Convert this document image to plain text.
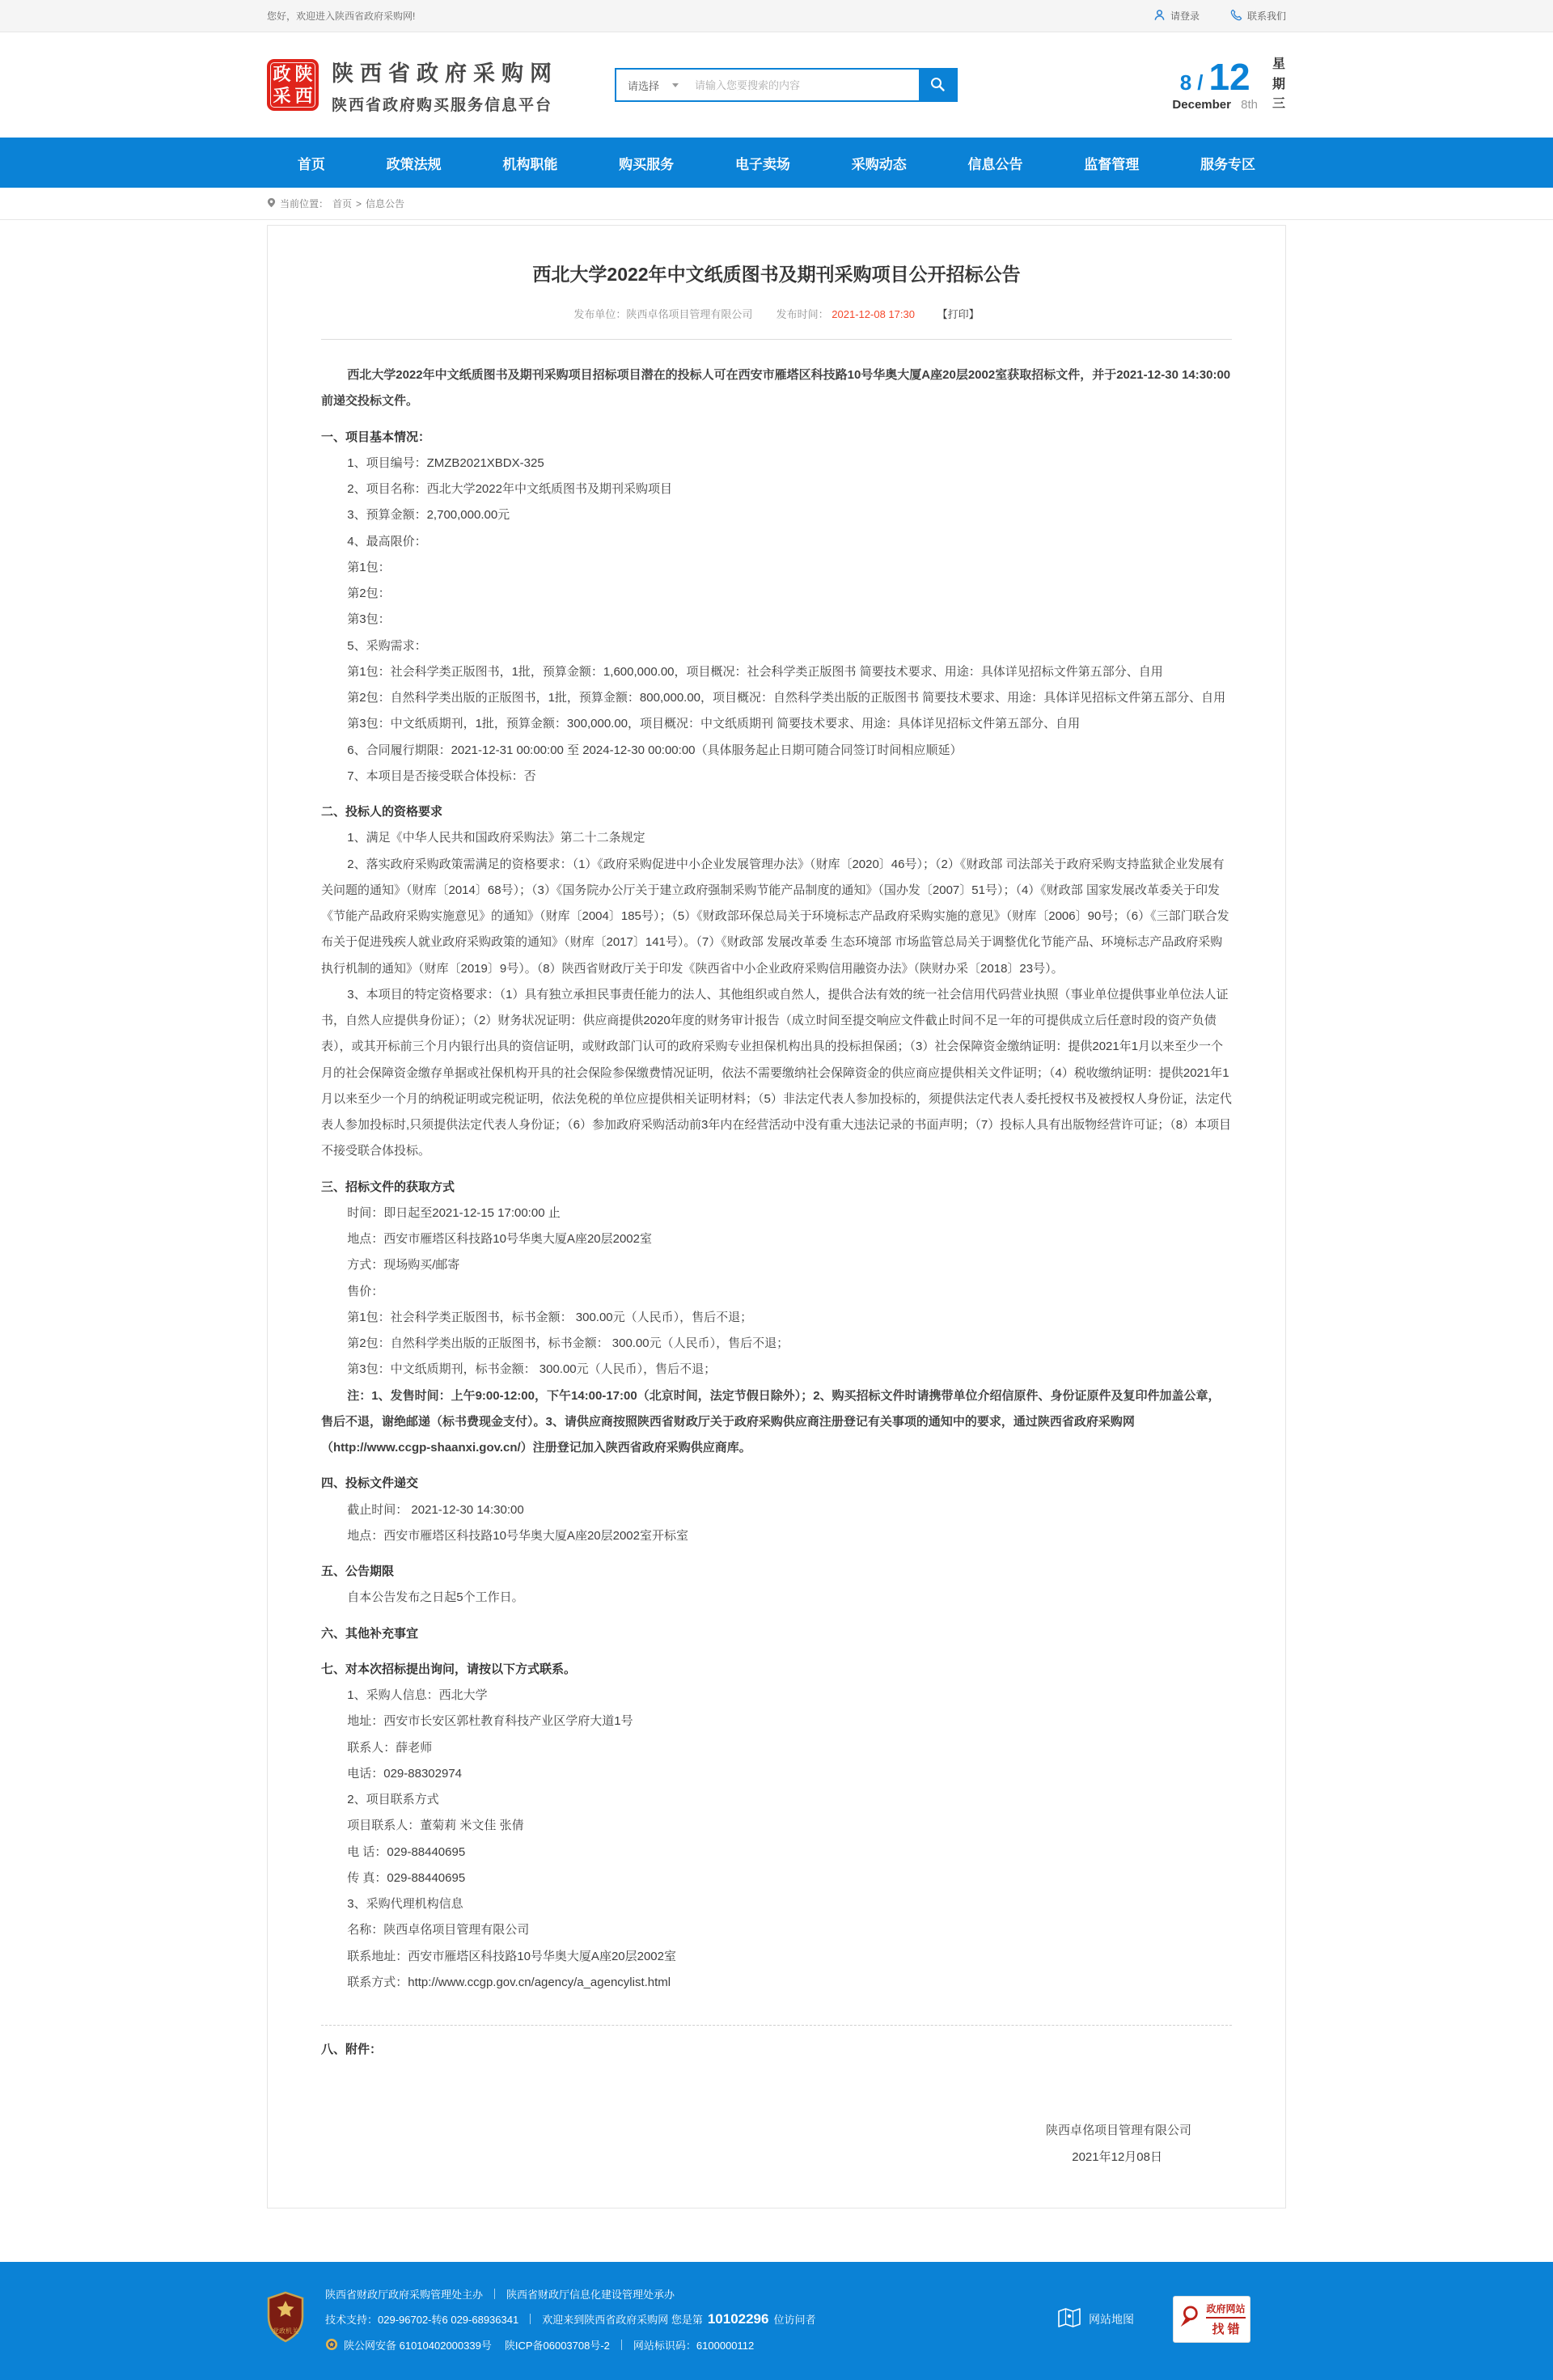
您好，欢迎进入陕西省政府采购网!	请登录	联系我们
政陕
采西
陕西省政府采购网
陕西省政府购买服务信息平台
请选择
请输入您要搜索的内容	8 / 12
December 8th
星期三
首页	政策法规	机构职能	购买服务	电子卖场	采购动态	信息公告	监督管理	服务专区
当前位置： 首页 > 信息公告
西北大学2022年中文纸质图书及期刊采购项目公开招标公告
发布单位：陕西卓佲项目管理有限公司 发布时间： 2021-12-08 17:30 【打印】

西北大学2022年中文纸质图书及期刊采购项目招标项目潜在的投标人可在西安市雁塔区科技路10号华奥大厦A座20层2002室获取招标文件，并于2021-12-30 14:30:00前递交投标文件。

一、项目基本情况：

1、项目编号：ZMZB2021XBDX-325

2、项目名称：西北大学2022年中文纸质图书及期刊采购项目

3、预算金额：2,700,000.00元

4、最高限价：

第1包：

第2包：

第3包：

5、采购需求：

第1包：社会科学类正版图书，1批，预算金额：1,600,000.00，项目概况：社会科学类正版图书 简要技术要求、用途：具体详见招标文件第五部分、自用

第2包：自然科学类出版的正版图书，1批，预算金额：800,000.00，项目概况：自然科学类出版的正版图书 简要技术要求、用途：具体详见招标文件第五部分、自用

第3包：中文纸质期刊，1批，预算金额：300,000.00，项目概况：中文纸质期刊 简要技术要求、用途：具体详见招标文件第五部分、自用

6、合同履行期限：2021-12-31 00:00:00 至 2024-12-30 00:00:00（具体服务起止日期可随合同签订时间相应顺延）

7、本项目是否接受联合体投标：否

二、投标人的资格要求

1、满足《中华人民共和国政府采购法》第二十二条规定

2、落实政府采购政策需满足的资格要求：（1）《政府采购促进中小企业发展管理办法》（财库〔2020〕46号）；（2）《财政部 司法部关于政府采购支持监狱企业发展有关问题的通知》（财库〔2014〕68号）；（3）《国务院办公厅关于建立政府强制采购节能产品制度的通知》（国办发〔2007〕51号）；（4）《财政部 国家发展改革委关于印发《节能产品政府采购实施意见》的通知》（财库〔2004〕185号）；（5）《财政部环保总局关于环境标志产品政府采购实施的意见》（财库〔2006〕90号；（6）《三部门联合发布关于促进残疾人就业政府采购政策的通知》（财库〔2017〕141号）。（7）《财政部 发展改革委 生态环境部 市场监管总局关于调整优化节能产品、环境标志产品政府采购执行机制的通知》（财库〔2019〕9号）。（8）陕西省财政厅关于印发《陕西省中小企业政府采购信用融资办法》（陕财办采〔2018〕23号）。

3、本项目的特定资格要求：（1）具有独立承担民事责任能力的法人、其他组织或自然人，提供合法有效的统一社会信用代码营业执照（事业单位提供事业单位法人证书，自然人应提供身份证）；（2）财务状况证明：供应商提供2020年度的财务审计报告（成立时间至提交响应文件截止时间不足一年的可提供成立后任意时段的资产负债表），或其开标前三个月内银行出具的资信证明，或财政部门认可的政府采购专业担保机构出具的投标担保函；（3）社会保障资金缴纳证明：提供2021年1月以来至少一个月的社会保障资金缴存单据或社保机构开具的社会保险参保缴费情况证明，依法不需要缴纳社会保障资金的供应商应提供相关文件证明；（4）税收缴纳证明：提供2021年1月以来至少一个月的纳税证明或完税证明，依法免税的单位应提供相关证明材料；（5）非法定代表人参加投标的，须提供法定代表人委托授权书及被授权人身份证，法定代表人参加投标时,只须提供法定代表人身份证；（6）参加政府采购活动前3年内在经营活动中没有重大违法记录的书面声明；（7）投标人具有出版物经营许可证；（8）本项目不接受联合体投标。

三、招标文件的获取方式

时间：即日起至2021-12-15 17:00:00 止

地点：西安市雁塔区科技路10号华奥大厦A座20层2002室

方式：现场购买/邮寄

售价：

第1包：社会科学类正版图书，标书金额： 300.00元（人民币），售后不退；

第2包：自然科学类出版的正版图书，标书金额： 300.00元（人民币），售后不退；

第3包：中文纸质期刊，标书金额： 300.00元（人民币），售后不退；

注：1、发售时间：上午9:00-12:00，下午14:00-17:00（北京时间，法定节假日除外）；2、购买招标文件时请携带单位介绍信原件、身份证原件及复印件加盖公章，售后不退，谢绝邮递（标书费现金支付）。3、请供应商按照陕西省财政厅关于政府采购供应商注册登记有关事项的通知中的要求，通过陕西省政府采购网（http://www.ccgp-shaanxi.gov.cn/）注册登记加入陕西省政府采购供应商库。

四、投标文件递交

截止时间： 2021-12-30 14:30:00

地点：西安市雁塔区科技路10号华奥大厦A座20层2002室开标室

五、公告期限

自本公告发布之日起5个工作日。

六、其他补充事宜

七、对本次招标提出询问，请按以下方式联系。

1、采购人信息：西北大学

地址：西安市长安区郭杜教育科技产业区学府大道1号

联系人：薛老师

电话：029-88302974

2、项目联系方式

项目联系人：董菊莉 米文佳 张倩

电 话：029-88440695

传 真：029-88440695

3、采购代理机构信息

名称：陕西卓佲项目管理有限公司

联系地址：西安市雁塔区科技路10号华奥大厦A座20层2002室

联系方式：http://www.ccgp.gov.cn/agency/a_agencylist.html

八、附件：

陕西卓佲项目管理有限公司

2021年12月08日

党政机关
陕西省财政厅政府采购管理处主办 陕西省财政厅信息化建设管理处承办
技术支持：029-96702-转6 029-68936341 欢迎来到陕西省政府采购网 您是第 10102296 位访问者
陕公网安备 61010402000339号 陕ICP备06003708号-2 网站标识码：6100000112
网站地图
政府网站
找错
